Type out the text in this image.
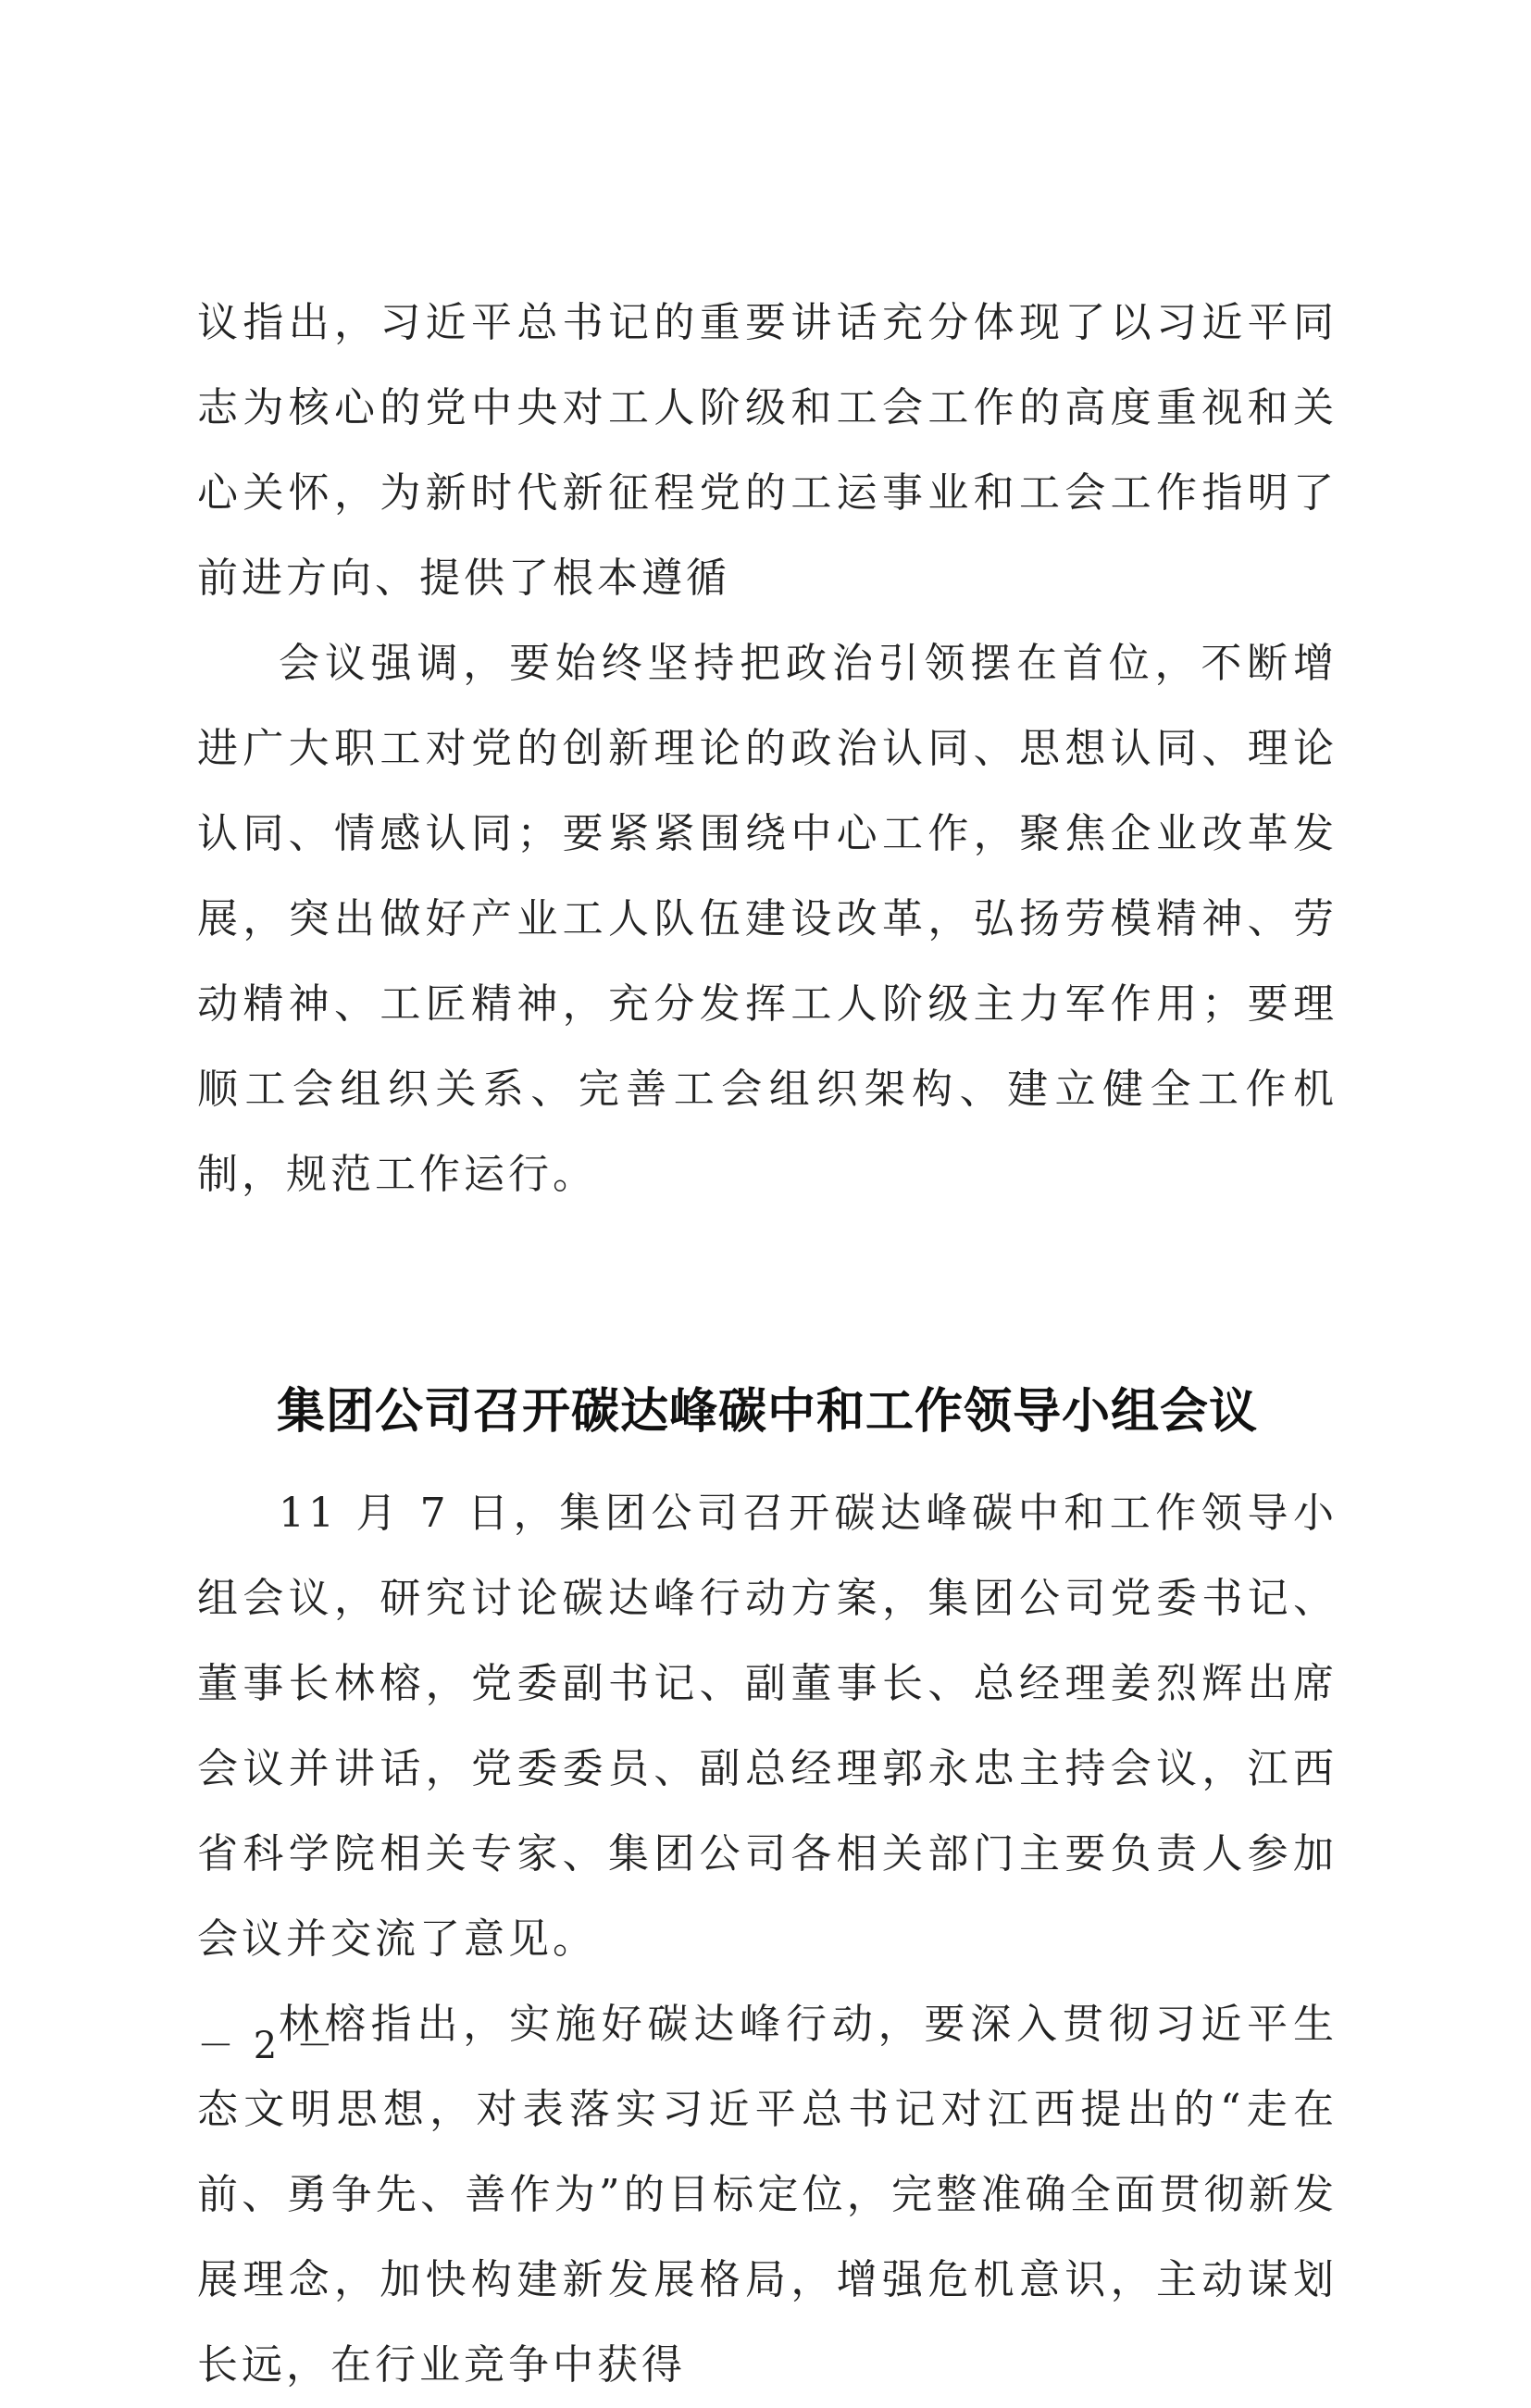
议指出，习近平总书记的重要讲话充分体现了以习近平同志为核心的党中央对工人阶级和工会工作的高度重视和关心关怀，为新时代新征程党的工运事业和工会工作指明了前进方向、提供了根本遵循

会议强调，要始终坚持把政治引领摆在首位，不断增进广大职工对党的创新理论的政治认同、思想认同、理论认同、情感认同；要紧紧围绕中心工作，聚焦企业改革发展，突出做好产业工人队伍建设改革，弘扬劳模精神、劳动精神、工匠精神，充分发挥工人阶级主力军作用；要理顺工会组织关系、完善工会组织架构、建立健全工作机制，规范工作运行。

集团公司召开碳达峰碳中和工作领导小组会议

11 月 7 日，集团公司召开碳达峰碳中和工作领导小组会议，研究讨论碳达峰行动方案，集团公司党委书记、董事长林榕，党委副书记、副董事长、总经理姜烈辉出席会议并讲话，党委委员、副总经理郭永忠主持会议，江西省科学院相关专家、集团公司各相关部门主要负责人参加会议并交流了意见。

林榕指出，实施好碳达峰行动，要深入贯彻习近平生态文明思想，对表落实习近平总书记对江西提出的“走在前、勇争先、善作为”的目标定位，完整准确全面贯彻新发展理念，加快构建新发展格局，增强危机意识，主动谋划长远，在行业竞争中获得

－ 2 －
